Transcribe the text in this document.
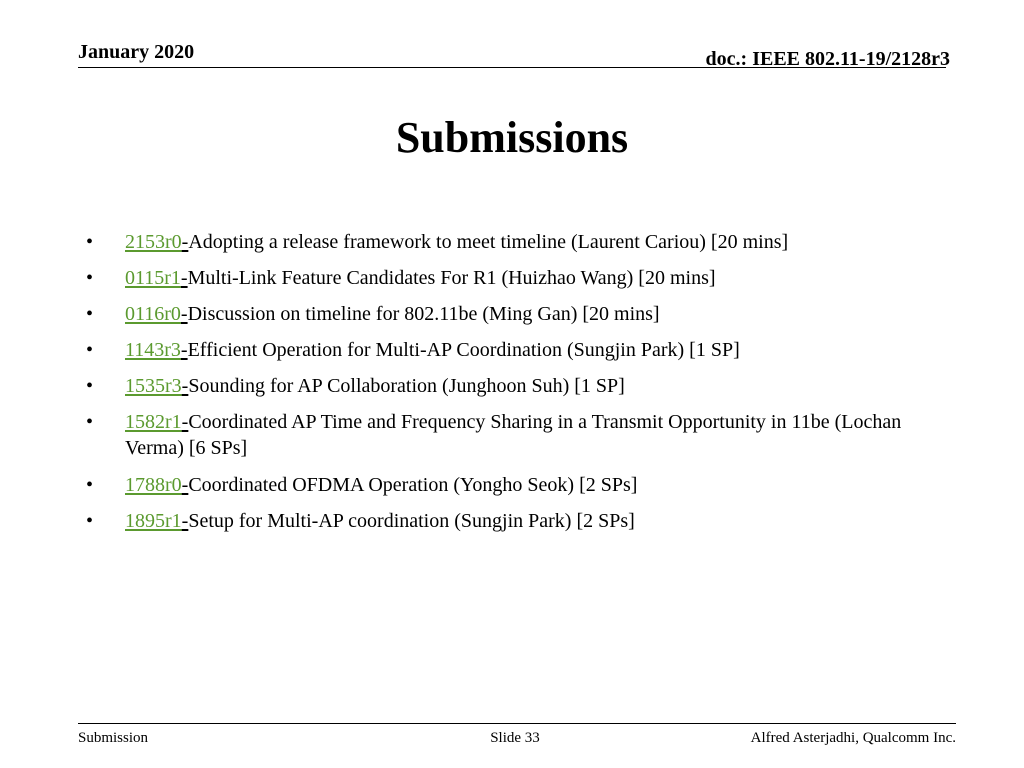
January 2020	doc.: IEEE 802.11-19/2128r3
Submissions
• 2153r0-Adopting a release framework to meet timeline (Laurent Cariou) [20 mins]
• 0115r1-Multi-Link Feature Candidates For R1 (Huizhao Wang) [20 mins]
• 0116r0-Discussion on timeline for 802.11be (Ming Gan) [20 mins]
• 1143r3-Efficient Operation for Multi-AP Coordination (Sungjin Park) [1 SP]
• 1535r3-Sounding for AP Collaboration (Junghoon Suh) [1 SP]
• 1582r1-Coordinated AP Time and Frequency Sharing in a Transmit Opportunity in 11be (Lochan Verma) [6 SPs]
• 1788r0-Coordinated OFDMA Operation (Yongho Seok) [2 SPs]
• 1895r1-Setup for Multi-AP coordination (Sungjin Park) [2 SPs]
Submission	Slide 33	Alfred Asterjadhi, Qualcomm Inc.
